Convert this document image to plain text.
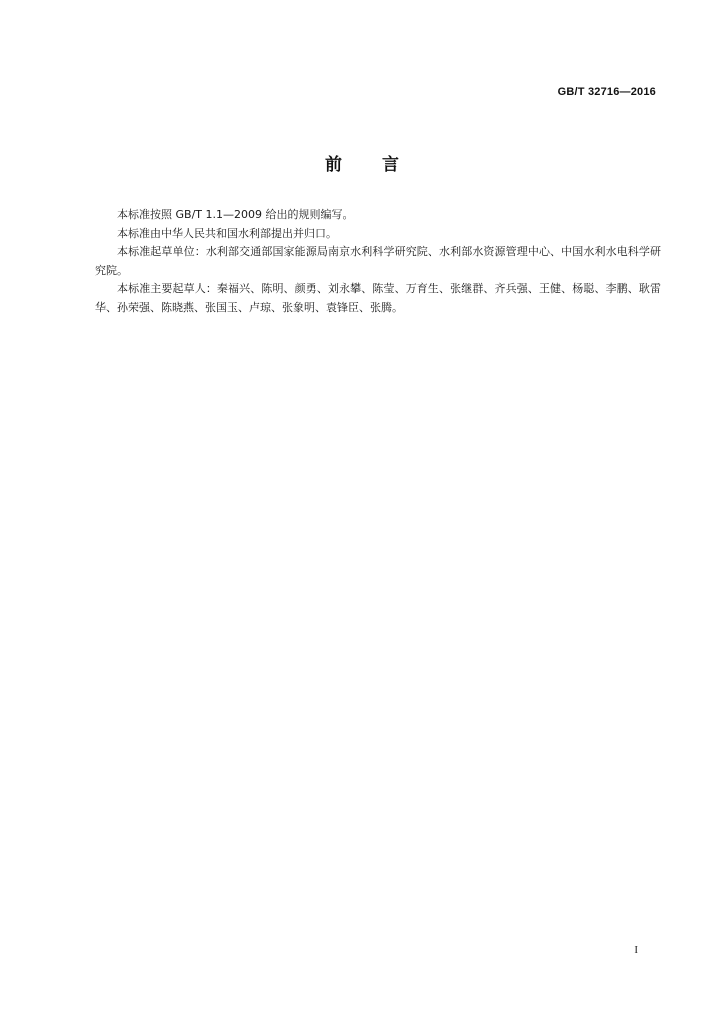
GB/T 32716—2016
前言

本标准按照 GB/T 1.1—2009 给出的规则编写。

本标准由中华人民共和国水利部提出并归口。

本标准起草单位：水利部交通部国家能源局南京水利科学研究院、水利部水资源管理中心、中国水利水电科学研究院。

本标准主要起草人：秦福兴、陈明、颜勇、刘永攀、陈莹、万育生、张继群、齐兵强、王健、杨聪、李鹏、耿雷华、孙荣强、陈晓燕、张国玉、卢琼、张象明、袁锋臣、张腾。

I
